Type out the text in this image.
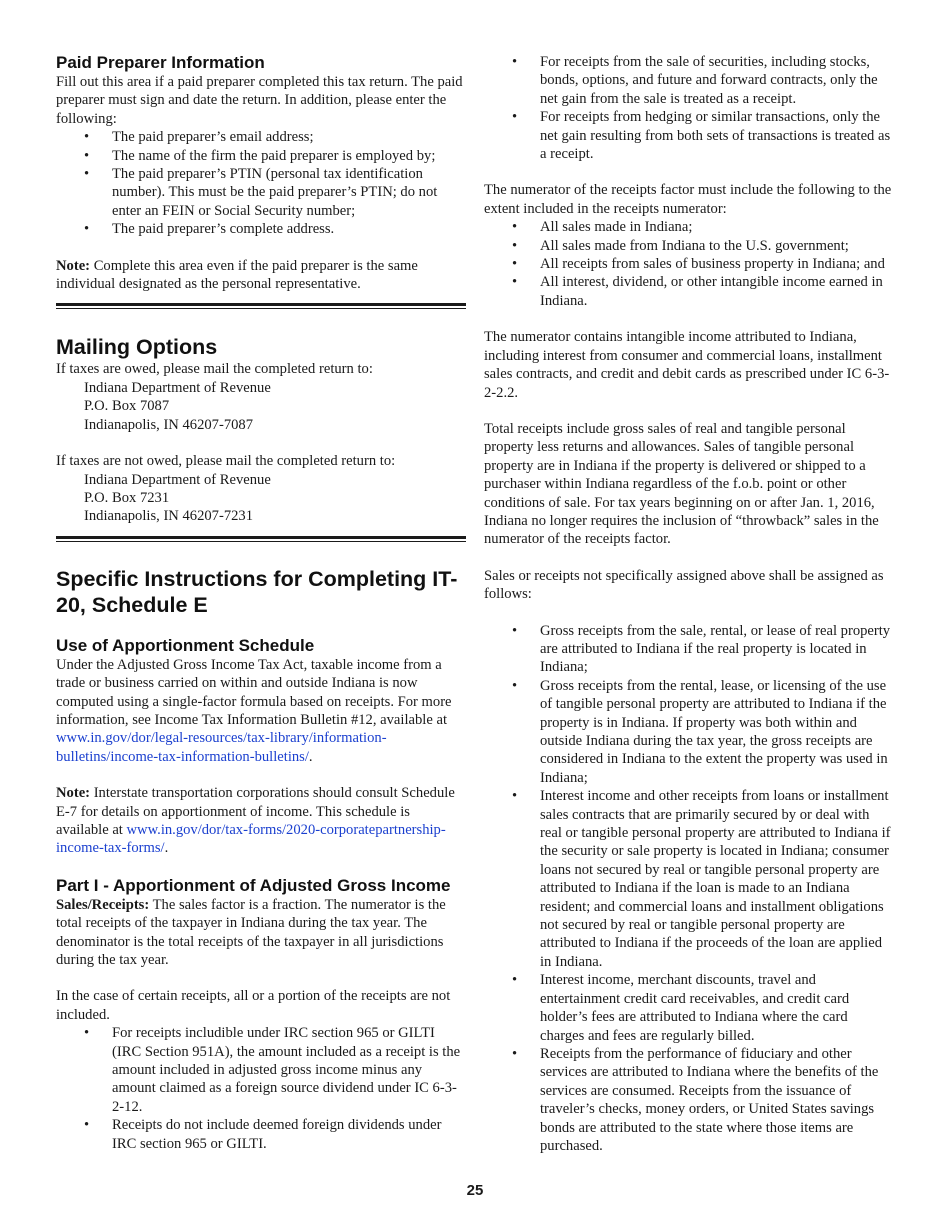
Paid Preparer Information

Fill out this area if a paid preparer completed this tax return. The paid preparer must sign and date the return. In addition, please enter the following:

• The paid preparer’s email address;
• The name of the firm the paid preparer is employed by;
• The paid preparer’s PTIN (personal tax identification number). This must be the paid preparer’s PTIN; do not enter an FEIN or Social Security number;
• The paid preparer’s complete address.

Note: Complete this area even if the paid preparer is the same individual designated as the personal representative.

Mailing Options

If taxes are owed, please mail the completed return to:

Indiana Department of Revenue

P.O. Box 7087

Indianapolis, IN 46207-7087

If taxes are not owed, please mail the completed return to:

Indiana Department of Revenue

P.O. Box 7231

Indianapolis, IN 46207-7231

Specific Instructions for Completing IT-20, Schedule E
Use of Apportionment Schedule

Under the Adjusted Gross Income Tax Act, taxable income from a trade or business carried on within and outside Indiana is now computed using a single-factor formula based on receipts. For more information, see Income Tax Information Bulletin #12, available at www.in.gov/dor/legal-resources/tax-library/information-bulletins/income-tax-information-bulletins/.

Note: Interstate transportation corporations should consult Schedule E-7 for details on apportionment of income. This schedule is available at www.in.gov/dor/tax-forms/2020-corporatepartnership-income-tax-forms/.

Part I - Apportionment of Adjusted Gross Income

Sales/Receipts: The sales factor is a fraction. The numerator is the total receipts of the taxpayer in Indiana during the tax year. The denominator is the total receipts of the taxpayer in all jurisdictions during the tax year.

In the case of certain receipts, all or a portion of the receipts are not included.

• For receipts includible under IRC section 965 or GILTI (IRC Section 951A), the amount included as a receipt is the amount included in adjusted gross income minus any amount claimed as a foreign source dividend under IC 6-3-2-12.
• Receipts do not include deemed foreign dividends under IRC section 965 or GILTI.
• For receipts from the sale of securities, including stocks, bonds, options, and future and forward contracts, only the net gain from the sale is treated as a receipt.
• For receipts from hedging or similar transactions, only the net gain resulting from both sets of transactions is treated as a receipt.

The numerator of the receipts factor must include the following to the extent included in the receipts numerator:

• All sales made in Indiana;
• All sales made from Indiana to the U.S. government;
• All receipts from sales of business property in Indiana; and
• All interest, dividend, or other intangible income earned in Indiana.

The numerator contains intangible income attributed to Indiana, including interest from consumer and commercial loans, installment sales contracts, and credit and debit cards as prescribed under IC 6-3-2-2.2.

Total receipts include gross sales of real and tangible personal property less returns and allowances. Sales of tangible personal property are in Indiana if the property is delivered or shipped to a purchaser within Indiana regardless of the f.o.b. point or other conditions of sale. For tax years beginning on or after Jan. 1, 2016, Indiana no longer requires the inclusion of “throwback” sales in the numerator of the receipts factor.

Sales or receipts not specifically assigned above shall be assigned as follows:

• Gross receipts from the sale, rental, or lease of real property are attributed to Indiana if the real property is located in Indiana;
• Gross receipts from the rental, lease, or licensing of the use of tangible personal property are attributed to Indiana if the property is in Indiana. If property was both within and outside Indiana during the tax year, the gross receipts are considered in Indiana to the extent the property was used in Indiana;
• Interest income and other receipts from loans or installment sales contracts that are primarily secured by or deal with real or tangible personal property are attributed to Indiana if the security or sale property is located in Indiana; consumer loans not secured by real or tangible personal property are attributed to Indiana if the loan is made to an Indiana resident; and commercial loans and installment obligations not secured by real or tangible personal property are attributed to Indiana if the proceeds of the loan are applied in Indiana.
• Interest income, merchant discounts, travel and entertainment credit card receivables, and credit card holder’s fees are attributed to Indiana where the card charges and fees are regularly billed.
• Receipts from the performance of fiduciary and other services are attributed to Indiana where the benefits of the services are consumed. Receipts from the issuance of traveler’s checks, money orders, or United States savings bonds are attributed to the state where those items are purchased.
25
